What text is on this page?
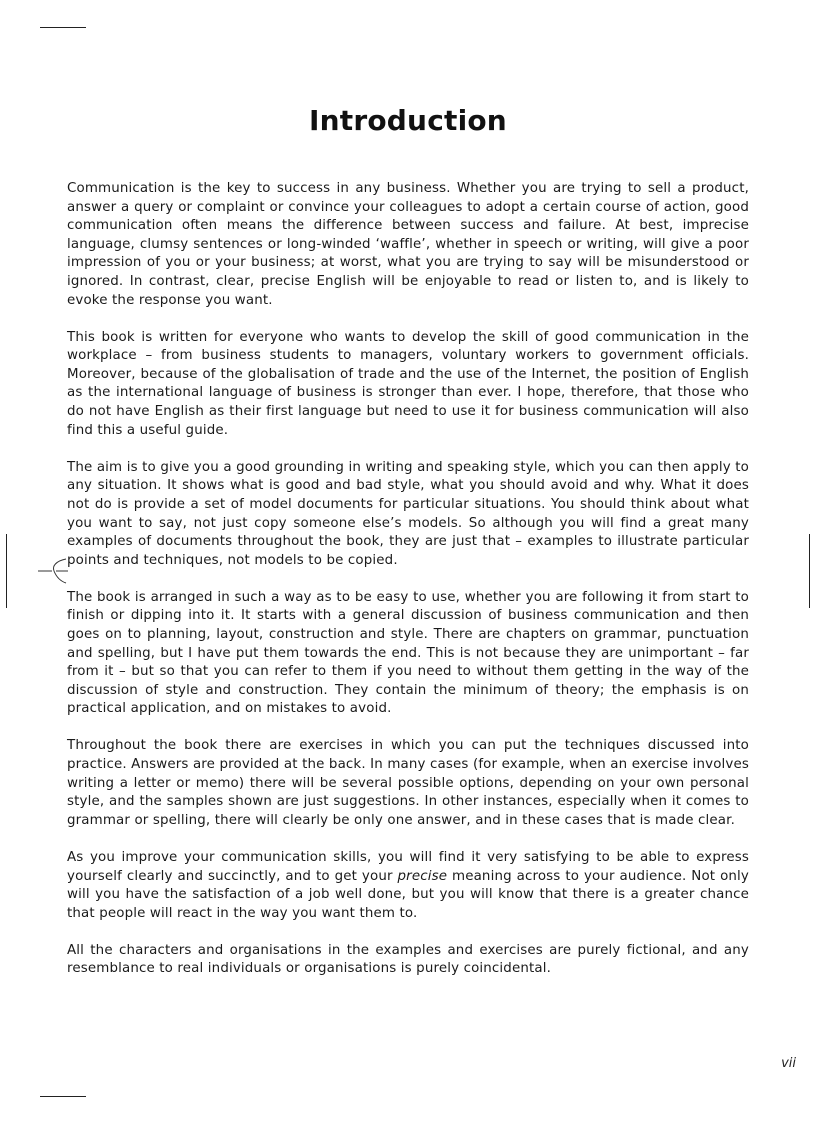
Introduction

Communication is the key to success in any business. Whether you are trying to sell a product, answer a query or complaint or convince your colleagues to adopt a certain course of action, good communication often means the difference between success and failure. At best, imprecise language, clumsy sentences or long-winded ‘waffle’, whether in speech or writing, will give a poor impression of you or your business; at worst, what you are trying to say will be misunderstood or ignored. In contrast, clear, precise English will be enjoyable to read or listen to, and is likely to evoke the response you want.

This book is written for everyone who wants to develop the skill of good communication in the workplace – from business students to managers, voluntary workers to government officials. Moreover, because of the globalisation of trade and the use of the Internet, the position of English as the international language of business is stronger than ever. I hope, therefore, that those who do not have English as their first language but need to use it for business communication will also find this a useful guide.

The aim is to give you a good grounding in writing and speaking style, which you can then apply to any situation. It shows what is good and bad style, what you should avoid and why. What it does not do is provide a set of model documents for particular situations. You should think about what you want to say, not just copy someone else’s models. So although you will find a great many examples of documents throughout the book, they are just that – examples to illustrate particular points and techniques, not models to be copied.

The book is arranged in such a way as to be easy to use, whether you are following it from start to finish or dipping into it. It starts with a general discussion of business communication and then goes on to planning, layout, construction and style. There are chapters on grammar, punctuation and spelling, but I have put them towards the end. This is not because they are unimportant – far from it – but so that you can refer to them if you need to without them getting in the way of the discussion of style and construction. They contain the minimum of theory; the emphasis is on practical application, and on mistakes to avoid.

Throughout the book there are exercises in which you can put the techniques discussed into practice. Answers are provided at the back. In many cases (for example, when an exercise involves writing a letter or memo) there will be several possible options, depending on your own personal style, and the samples shown are just suggestions. In other instances, especially when it comes to grammar or spelling, there will clearly be only one answer, and in these cases that is made clear.

As you improve your communication skills, you will find it very satisfying to be able to express yourself clearly and succinctly, and to get your precise meaning across to your audience. Not only will you have the satisfaction of a job well done, but you will know that there is a greater chance that people will react in the way you want them to.

All the characters and organisations in the examples and exercises are purely fictional, and any resemblance to real individuals or organisations is purely coincidental.

vii
